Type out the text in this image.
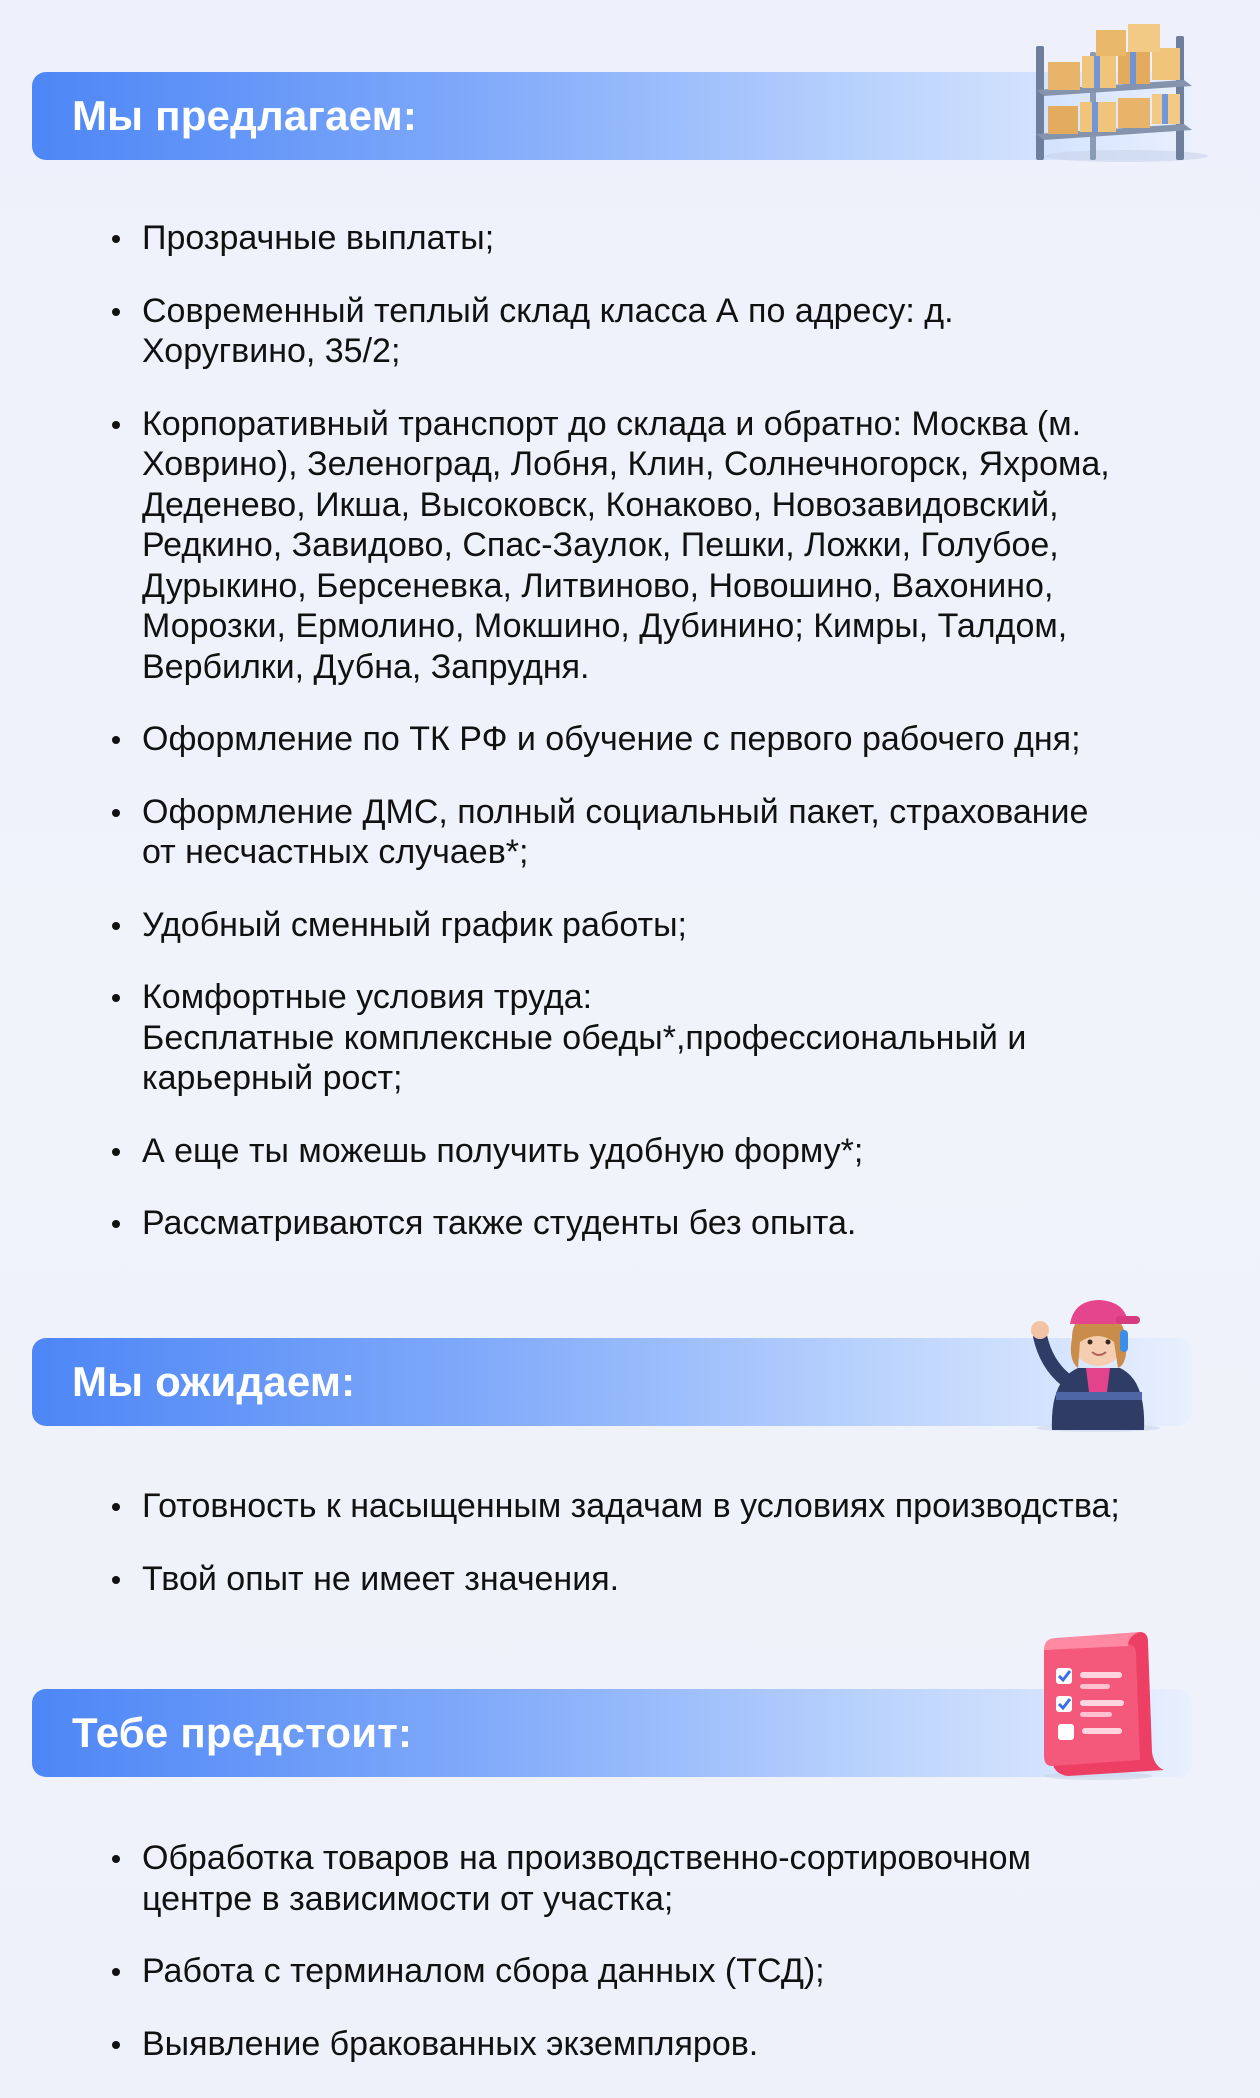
Мы предлагаем:
Прозрачные выплаты;
Современный теплый склад класса А по адресу: д.
Хоругвино, 35/2;
Корпоративный транспорт до склада и обратно: Москва (м.
Ховрино), Зеленоград, Лобня, Клин, Солнечногорск, Яхрома,
Деденево, Икша, Высоковск, Конаково, Новозавидовский,
Редкино, Завидово, Спас-Заулок, Пешки, Ложки, Голубое,
Дурыкино, Берсеневка, Литвиново, Новошино, Вахонино,
Морозки, Ермолино, Мокшино, Дубинино; Кимры, Талдом,
Вербилки, Дубна, Запрудня.
Оформление по ТК РФ и обучение с первого рабочего дня;
Оформление ДМС, полный социальный пакет, страхование
от несчастных случаев*;
Удобный сменный график работы;
Комфортные условия труда:
Бесплатные комплексные обеды*,профессиональный и
карьерный рост;
А еще ты можешь получить удобную форму*;
Рассматриваются также студенты без опыта.
Мы ожидаем:
Готовность к насыщенным задачам в условиях производства;
Твой опыт не имеет значения.
Тебе предстоит:
Обработка товаров на производственно-сортировочном
центре в зависимости от участка;
Работа с терминалом сбора данных (ТСД);
Выявление бракованных экземпляров.
